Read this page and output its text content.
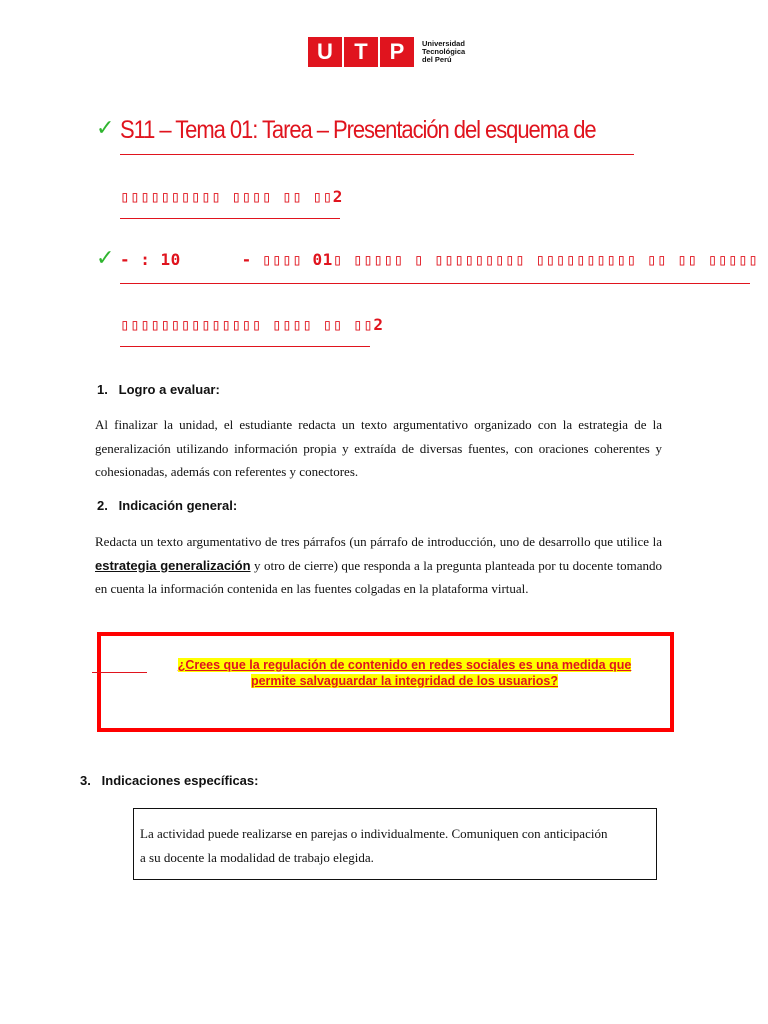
U T P	Universidad
Tecnológica
del Perú
✓ S11 – Tema 01: Tarea – Presentación del esquema de
▯▯▯▯▯▯▯▯▯▯ ▯▯▯▯ ▯▯ ▯▯2
✓ - : 10      - ▯▯▯▯ 01▯ ▯▯▯▯▯ ▯ ▯▯▯▯▯▯▯▯▯ ▯▯▯▯▯▯▯▯▯▯ ▯▯ ▯▯ ▯▯▯▯▯
▯▯▯▯▯▯▯▯▯▯▯▯▯▯ ▯▯▯▯ ▯▯ ▯▯2
1.   Logro a evaluar:
Al finalizar la unidad, el estudiante redacta un texto argumentativo organizado con la estrategia de la generalización utilizando información propia y extraída de diversas fuentes, con oraciones coherentes y cohesionadas, además con referentes y conectores.
2.   Indicación general:
Redacta un texto argumentativo de tres párrafos (un párrafo de introducción, uno de desarrollo que utilice la estrategia generalización y otro de cierre) que responda a la pregunta planteada por tu docente tomando en cuenta la información contenida en las fuentes colgadas en la plataforma virtual.
¿Crees que la regulación de contenido en redes sociales es una medida que
permite salvaguardar la integridad de los usuarios?
3.   Indicaciones específicas:
La actividad puede realizarse en parejas o individualmente. Comuniquen con anticipación a su docente la modalidad de trabajo elegida.
